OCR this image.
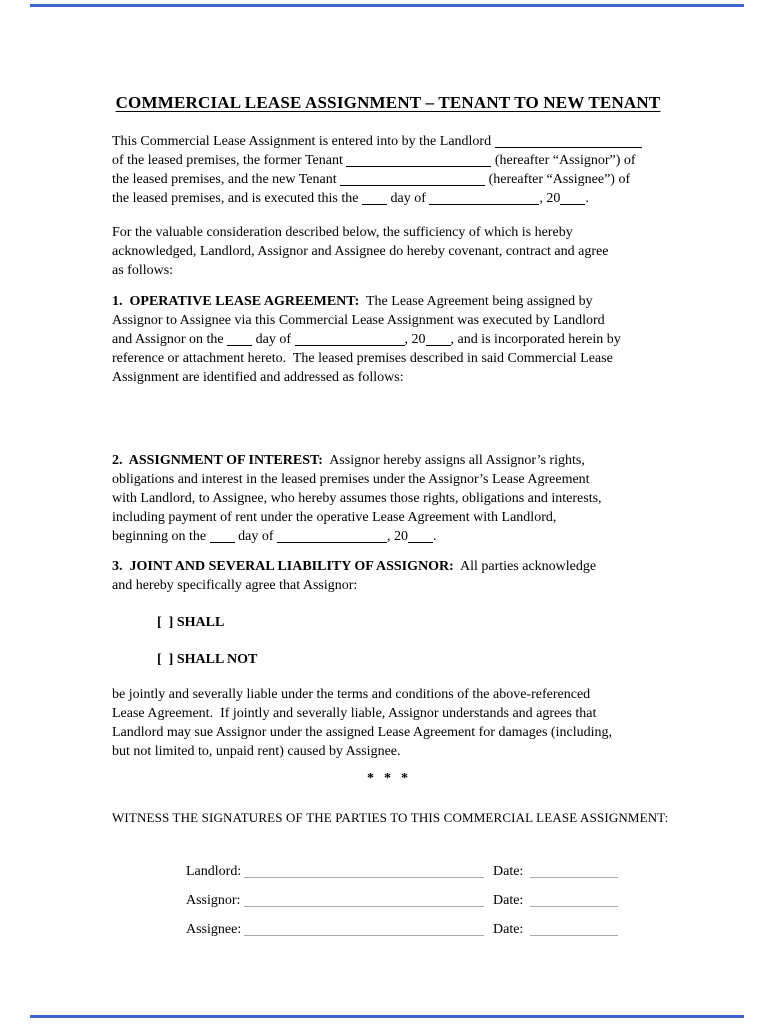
COMMERCIAL LEASE ASSIGNMENT – TENANT TO NEW TENANT
This Commercial Lease Assignment is entered into by the Landlord
of the leased premises, the former Tenant	(hereafter “Assignor”) of
the leased premises, and the new Tenant	(hereafter “Assignee”) of
the leased premises, and is executed this the  day of	, 20 .
For the valuable consideration described below, the sufficiency of which is hereby
acknowledged, Landlord, Assignor and Assignee do hereby covenant, contract and agree
as follows:
1.  OPERATIVE LEASE AGREEMENT:  The Lease Agreement being assigned by
Assignor to Assignee via this Commercial Lease Assignment was executed by Landlord
and Assignor on the  day of	, 20 , and is incorporated herein by
reference or attachment hereto.  The leased premises described in said Commercial Lease
Assignment are identified and addressed as follows:
2.  ASSIGNMENT OF INTEREST:  Assignor hereby assigns all Assignor’s rights,
obligations and interest in the leased premises under the Assignor’s Lease Agreement
with Landlord, to Assignee, who hereby assumes those rights, obligations and interests,
including payment of rent under the operative Lease Agreement with Landlord,
beginning on the  day of	, 20 .
3.  JOINT AND SEVERAL LIABILITY OF ASSIGNOR:  All parties acknowledge
and hereby specifically agree that Assignor:
[  ] SHALL
[  ] SHALL NOT
be jointly and severally liable under the terms and conditions of the above-referenced
Lease Agreement.  If jointly and severally liable, Assignor understands and agrees that
Landlord may sue Assignor under the assigned Lease Agreement for damages (including,
but not limited to, unpaid rent) caused by Assignee.
*  *  *
WITNESS THE SIGNATURES OF THE PARTIES TO THIS COMMERCIAL LEASE ASSIGNMENT:

Landlord:	Date:

Assignor:	Date:

Assignee:	Date:
